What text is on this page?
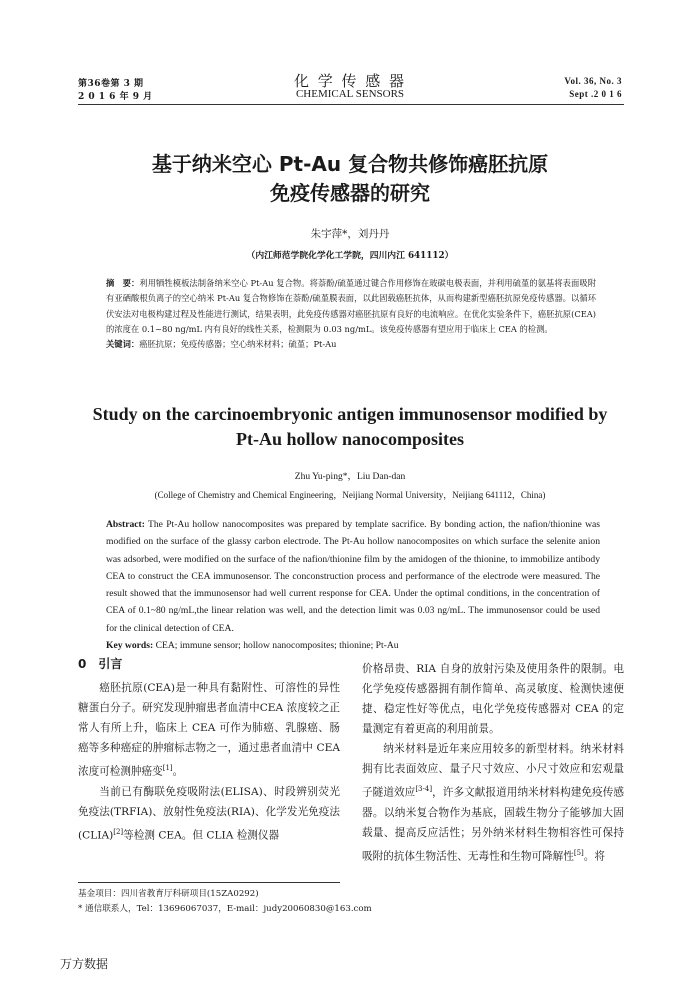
第36卷第 3 期
2 0 1 6 年 9 月
化 学 传 感 器
CHEMICAL SENSORS
Vol. 36, No. 3
Sept .2 0 1 6
基于纳米空心 Pt-Au 复合物共修饰癌胚抗原
免疫传感器的研究
朱宇萍*，刘丹丹
（内江师范学院化学化工学院，四川内江 641112）
摘　要：利用牺牲模板法制备纳米空心 Pt-Au 复合物。将萘酚/硫堇通过键合作用修饰在玻碳电极表面，并利用硫堇的氨基将表面吸附有亚硒酸根负离子的空心纳米 Pt-Au 复合物修饰在萘酚/硫堇膜表面，以此固载癌胚抗体，从而构建新型癌胚抗原免疫传感器。以循环伏安法对电极构建过程及性能进行测试，结果表明，此免疫传感器对癌胚抗原有良好的电流响应。在优化实验条件下，癌胚抗原(CEA)的浓度在 0.1~80 ng/mL 内有良好的线性关系，检测限为 0.03 ng/mL。该免疫传感器有望应用于临床上 CEA 的检测。
关键词：癌胚抗原；免疫传感器；空心纳米材料；硫堇；Pt-Au
Study on the carcinoembryonic antigen immunosensor modified by
Pt-Au hollow nanocomposites
Zhu Yu-ping*，Liu Dan-dan
(College of Chemistry and Chemical Engineering，Neijiang Normal University，Neijiang 641112，China)
Abstract: The Pt-Au hollow nanocomposites was prepared by template sacrifice. By bonding action, the nafion/thionine was modified on the surface of the glassy carbon electrode. The Pt-Au hollow nanocomposites on which surface the selenite anion was adsorbed, were modified on the surface of the nafion/thionine film by the amidogen of the thionine, to immobilize antibody CEA to construct the CEA immunosensor. The conconstruction process and performance of the electrode were measured. The result showed that the immunosensor had well current response for CEA. Under the optimal conditions, in the concentration of CEA of 0.1~80 ng/mL,the linear relation was well, and the detection limit was 0.03 ng/mL. The immunosensor could be used for the clinical detection of CEA.
Key words: CEA; immune sensor; hollow nanocomposites; thionine; Pt-Au

0　引言

癌胚抗原(CEA)是一种具有黏附性、可溶性的异性糖蛋白分子。研究发现肿瘤患者血清中CEA 浓度较之正常人有所上升，临床上 CEA 可作为肺癌、乳腺癌、肠癌等多种癌症的肿瘤标志物之一，通过患者血清中 CEA 浓度可检测肿癌变[1]。

当前已有酶联免疫吸附法(ELISA)、时段辨别荧光免疫法(TRFIA)、放射性免疫法(RIA)、化学发光免疫法(CLIA)[2]等检测 CEA。但 CLIA 检测仪器

价格昂贵、RIA 自身的放射污染及使用条件的限制。电化学免疫传感器拥有制作简单、高灵敏度、检测快速便捷、稳定性好等优点，电化学免疫传感器对 CEA 的定量测定有着更高的利用前景。

纳米材料是近年来应用较多的新型材料。纳米材料拥有比表面效应、量子尺寸效应、小尺寸效应和宏观量子隧道效应[3-4]，许多文献报道用纳米材料构建免疫传感器。以纳米复合物作为基底，固载生物分子能够加大固载量、提高反应活性；另外纳米材料生物相容性可保持吸附的抗体生物活性、无毒性和生物可降解性[5]。将

基金项目：四川省教育厅科研项目(15ZA0292)
* 通信联系人，Tel：13696067037，E-mail：judy20060830@163.com
万方数据
